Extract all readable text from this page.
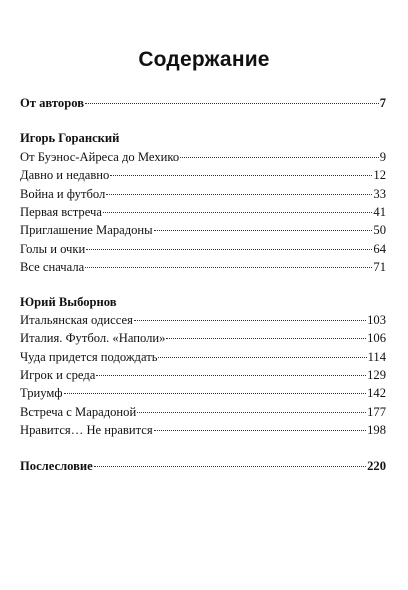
Содержание
От авторов	7
Игорь Горанский
От Буэнос-Айреса до Мехико	9
Давно и недавно	12
Война и футбол	33
Первая встреча	41
Приглашение Марадоны	50
Голы и очки	64
Все сначала	71
Юрий Выборнов
Итальянская одиссея	103
Италия. Футбол. «Наполи»	106
Чуда придется подождать	114
Игрок и среда	129
Триумф	142
Встреча с Марадоной	177
Нравится… Не нравится	198
Послесловие	220
